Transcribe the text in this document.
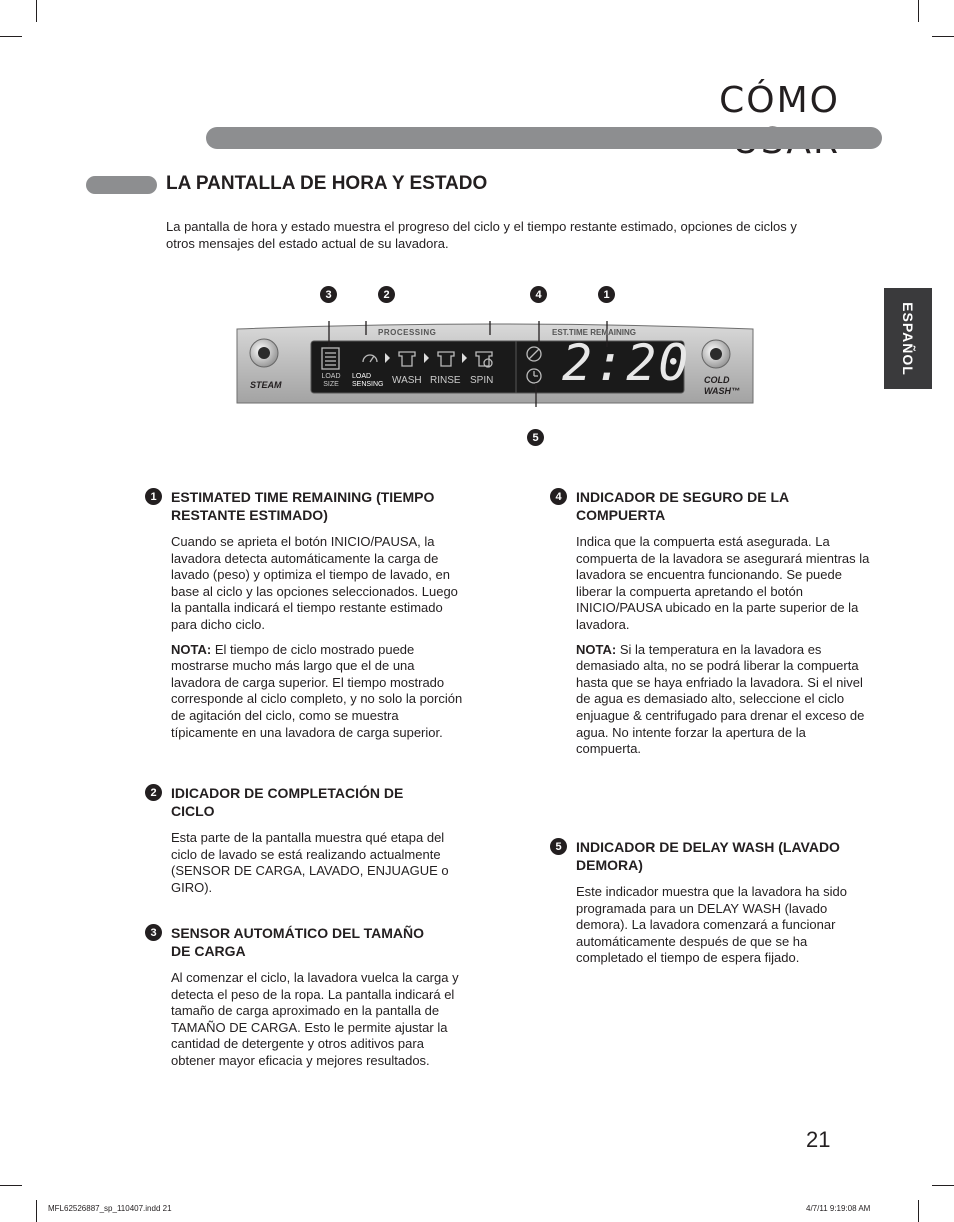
CÓMO
ESPAÑOL
LA PANTALLA DE HORA Y ESTADO
La pantalla de hora y estado muestra el progreso del ciclo y el tiempo restante estimado, opciones de ciclos y otros mensajes del estado actual de su lavadora.
3	2	4	1
5
PROCESSING	EST.TIME REMAINING
LOAD
SIZE
LOAD
SENSING WASH RINSE SPIN 2:20
STEAM	COLD
WASH™
1	ESTIMATED TIME REMAINING (TIEMPO RESTANTE ESTIMADO)

Cuando se aprieta el botón INICIO/PAUSA, la lavadora detecta automáticamente la carga de lavado (peso) y optimiza el tiempo de lavado, en base al ciclo y las opciones seleccionados. Luego la pantalla indicará el tiempo restante estimado para dicho ciclo.

NOTA: El tiempo de ciclo mostrado puede mostrarse mucho más largo que el de una lavadora de carga superior. El tiempo mostrado corresponde al ciclo completo, y no solo la porción de agitación del ciclo, como se muestra típicamente en una lavadora de carga superior.

2	IDICADOR DE COMPLETACIÓN DE CICLO

Esta parte de la pantalla muestra qué etapa del ciclo de lavado se está realizando actualmente (SENSOR DE CARGA, LAVADO, ENJUAGUE o GIRO).

3	SENSOR AUTOMÁTICO DEL TAMAÑO DE CARGA

Al comenzar el ciclo, la lavadora vuelca la carga y detecta el peso de la ropa. La pantalla indicará el tamaño de carga aproximado en la pantalla de TAMAÑO DE CARGA. Esto le permite ajustar la cantidad de detergente y otros aditivos para obtener mayor eficacia y mejores resultados.

4	INDICADOR DE SEGURO DE LA COMPUERTA

Indica que la compuerta está asegurada. La compuerta de la lavadora se asegurará mientras la lavadora se encuentra funcionando. Se puede liberar la compuerta apretando el botón INICIO/PAUSA ubicado en la parte superior de la lavadora.

NOTA: Si la temperatura en la lavadora es demasiado alta, no se podrá liberar la compuerta hasta que se haya enfriado la lavadora. Si el nivel de agua es demasiado alto, seleccione el ciclo enjuague & centrifugado para drenar el exceso de agua. No intente forzar la apertura de la compuerta.

5	INDICADOR DE DELAY WASH (LAVADO DEMORA)

Este indicador muestra que la lavadora ha sido programada para un DELAY WASH (lavado demora). La lavadora comenzará a funcionar automáticamente después de que se ha completado el tiempo de espera fijado.

21
MFL62526887_sp_110407.indd 21	4/7/11 9:19:08 AM
